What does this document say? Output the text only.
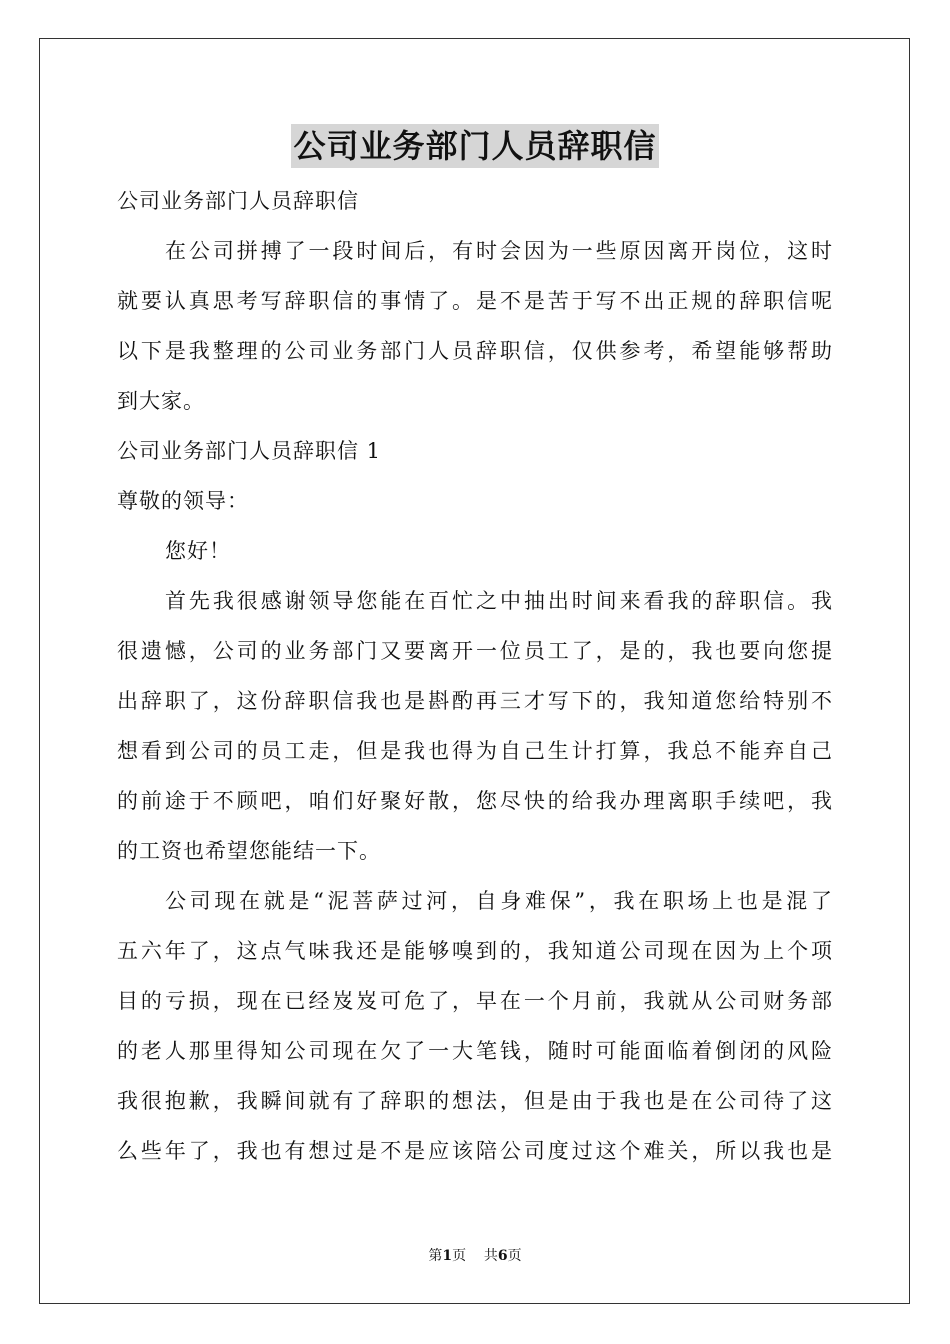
公司业务部门人员辞职信
公司业务部门人员辞职信
在公司拼搏了一段时间后，有时会因为一些原因离开岗位，这时
就要认真思考写辞职信的事情了。是不是苦于写不出正规的辞职信呢
以下是我整理的公司业务部门人员辞职信，仅供参考，希望能够帮助
到大家。
公司业务部门人员辞职信 1
尊敬的领导：
您好！
首先我很感谢领导您能在百忙之中抽出时间来看我的辞职信。我
很遗憾，公司的业务部门又要离开一位员工了，是的，我也要向您提
出辞职了，这份辞职信我也是斟酌再三才写下的，我知道您给特别不
想看到公司的员工走，但是我也得为自己生计打算，我总不能弃自己
的前途于不顾吧，咱们好聚好散，您尽快的给我办理离职手续吧，我
的工资也希望您能结一下。
公司现在就是“泥菩萨过河，自身难保”，我在职场上也是混了
五六年了，这点气味我还是能够嗅到的，我知道公司现在因为上个项
目的亏损，现在已经岌岌可危了，早在一个月前，我就从公司财务部
的老人那里得知公司现在欠了一大笔钱，随时可能面临着倒闭的风险
我很抱歉，我瞬间就有了辞职的想法，但是由于我也是在公司待了这
么些年了，我也有想过是不是应该陪公司度过这个难关，所以我也是
第1页 共6页
